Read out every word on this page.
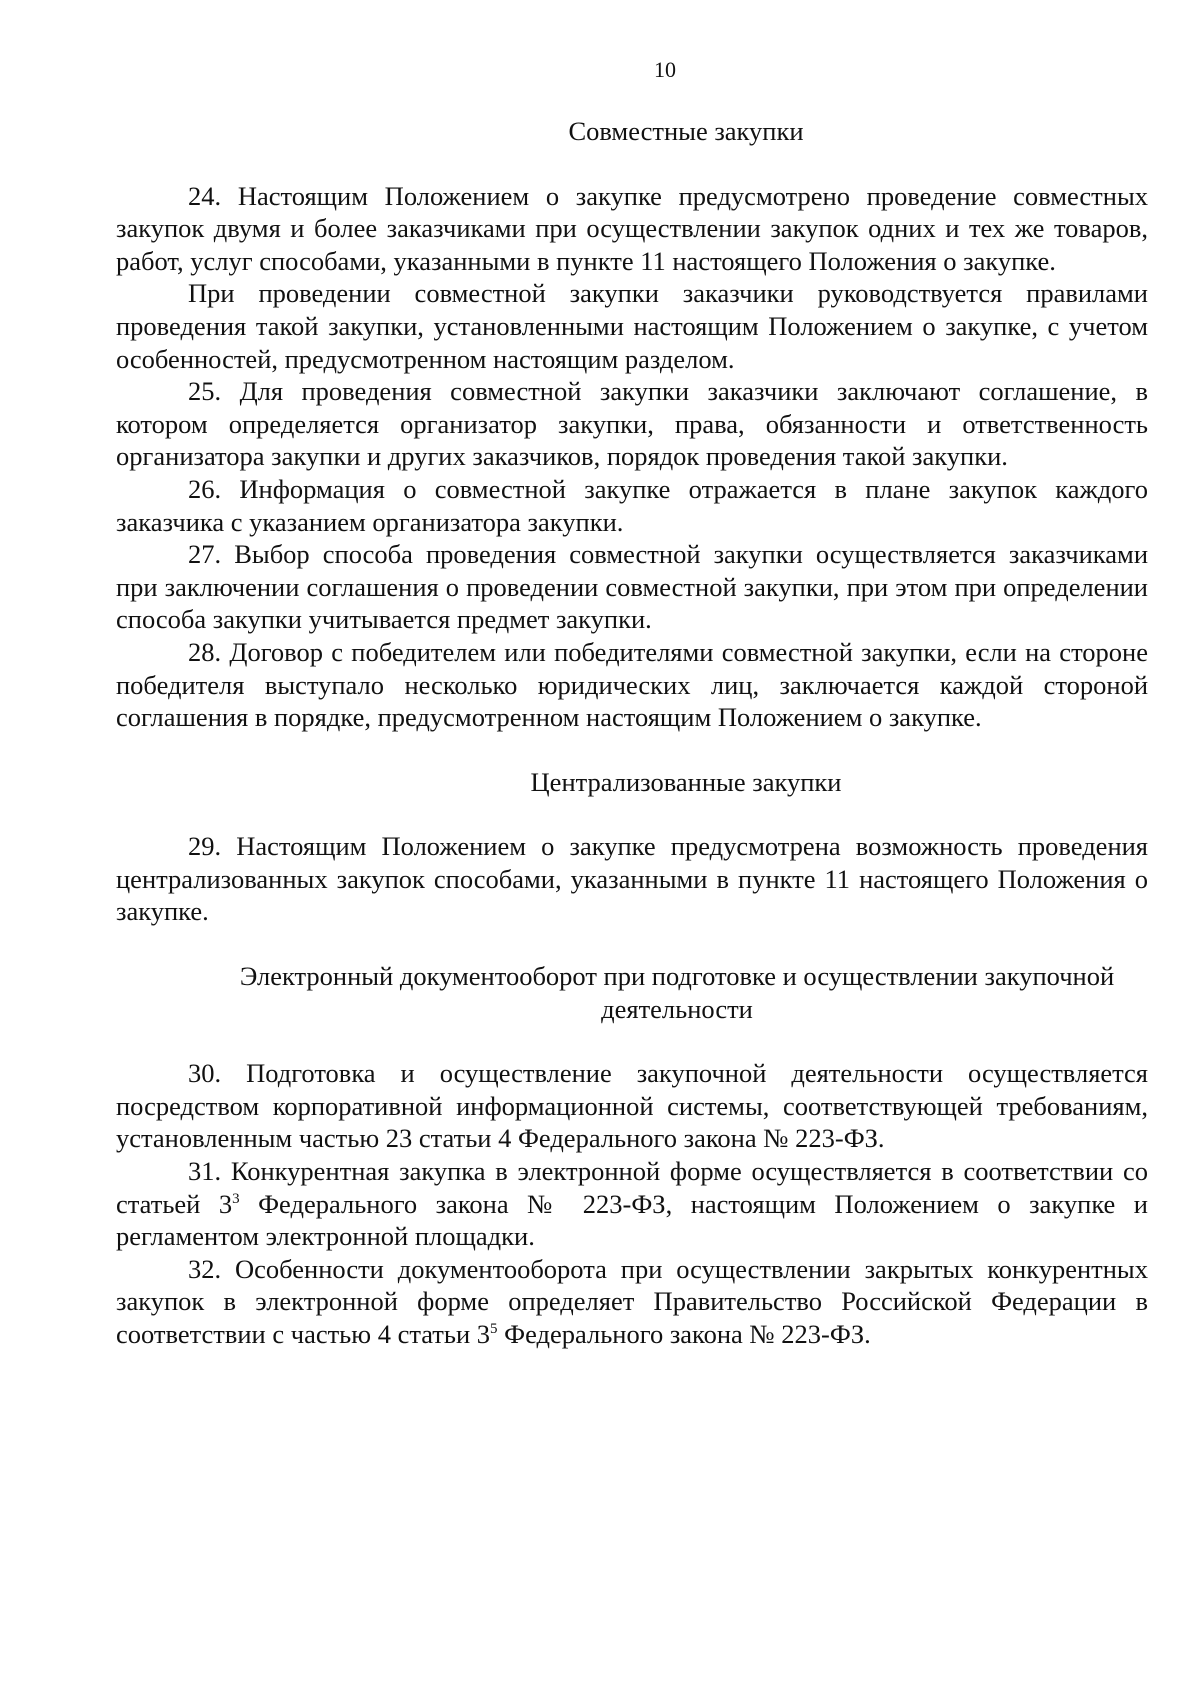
10
Совместные закупки

24. Настоящим Положением о закупке предусмотрено проведение совместных закупок двумя и более заказчиками при осуществлении закупок одних и тех же товаров, работ, услуг способами, указанными в пункте 11 настоящего Положения о закупке.

При проведении совместной закупки заказчики руководствуется правилами проведения такой закупки, установленными настоящим Положением о закупке, с учетом особенностей, предусмотренном настоящим разделом.

25. Для проведения совместной закупки заказчики заключают соглашение, в котором определяется организатор закупки, права, обязанности и ответственность организатора закупки и других заказчиков, порядок проведения такой закупки.

26. Информация о совместной закупке отражается в плане закупок каждого заказчика с указанием организатора закупки.

27. Выбор способа проведения совместной закупки осуществляется заказчиками при заключении соглашения о проведении совместной закупки, при этом при определении способа закупки учитывается предмет закупки.

28. Договор с победителем или победителями совместной закупки, если на стороне победителя выступало несколько юридических лиц, заключается каждой стороной соглашения в порядке, предусмотренном настоящим Положением о закупке.

Централизованные закупки

29. Настоящим Положением о закупке предусмотрена возможность проведения централизованных закупок способами, указанными в пункте 11 настоящего Положения о закупке.

Электронный документооборот при подготовке и осуществлении закупочной деятельности

30. Подготовка и осуществление закупочной деятельности осуществляется посредством корпоративной информационной системы, соответствующей требованиям, установленным частью 23 статьи 4 Федерального закона № 223-ФЗ.

31. Конкурентная закупка в электронной форме осуществляется в соответствии со статьей $3^3$ Федерального закона № 223-ФЗ, настоящим Положением о закупке и регламентом электронной площадки.

32. Особенности документооборота при осуществлении закрытых конкурентных закупок в электронной форме определяет Правительство Российской Федерации в соответствии с частью 4 статьи $3^5$ Федерального закона № 223-ФЗ.
